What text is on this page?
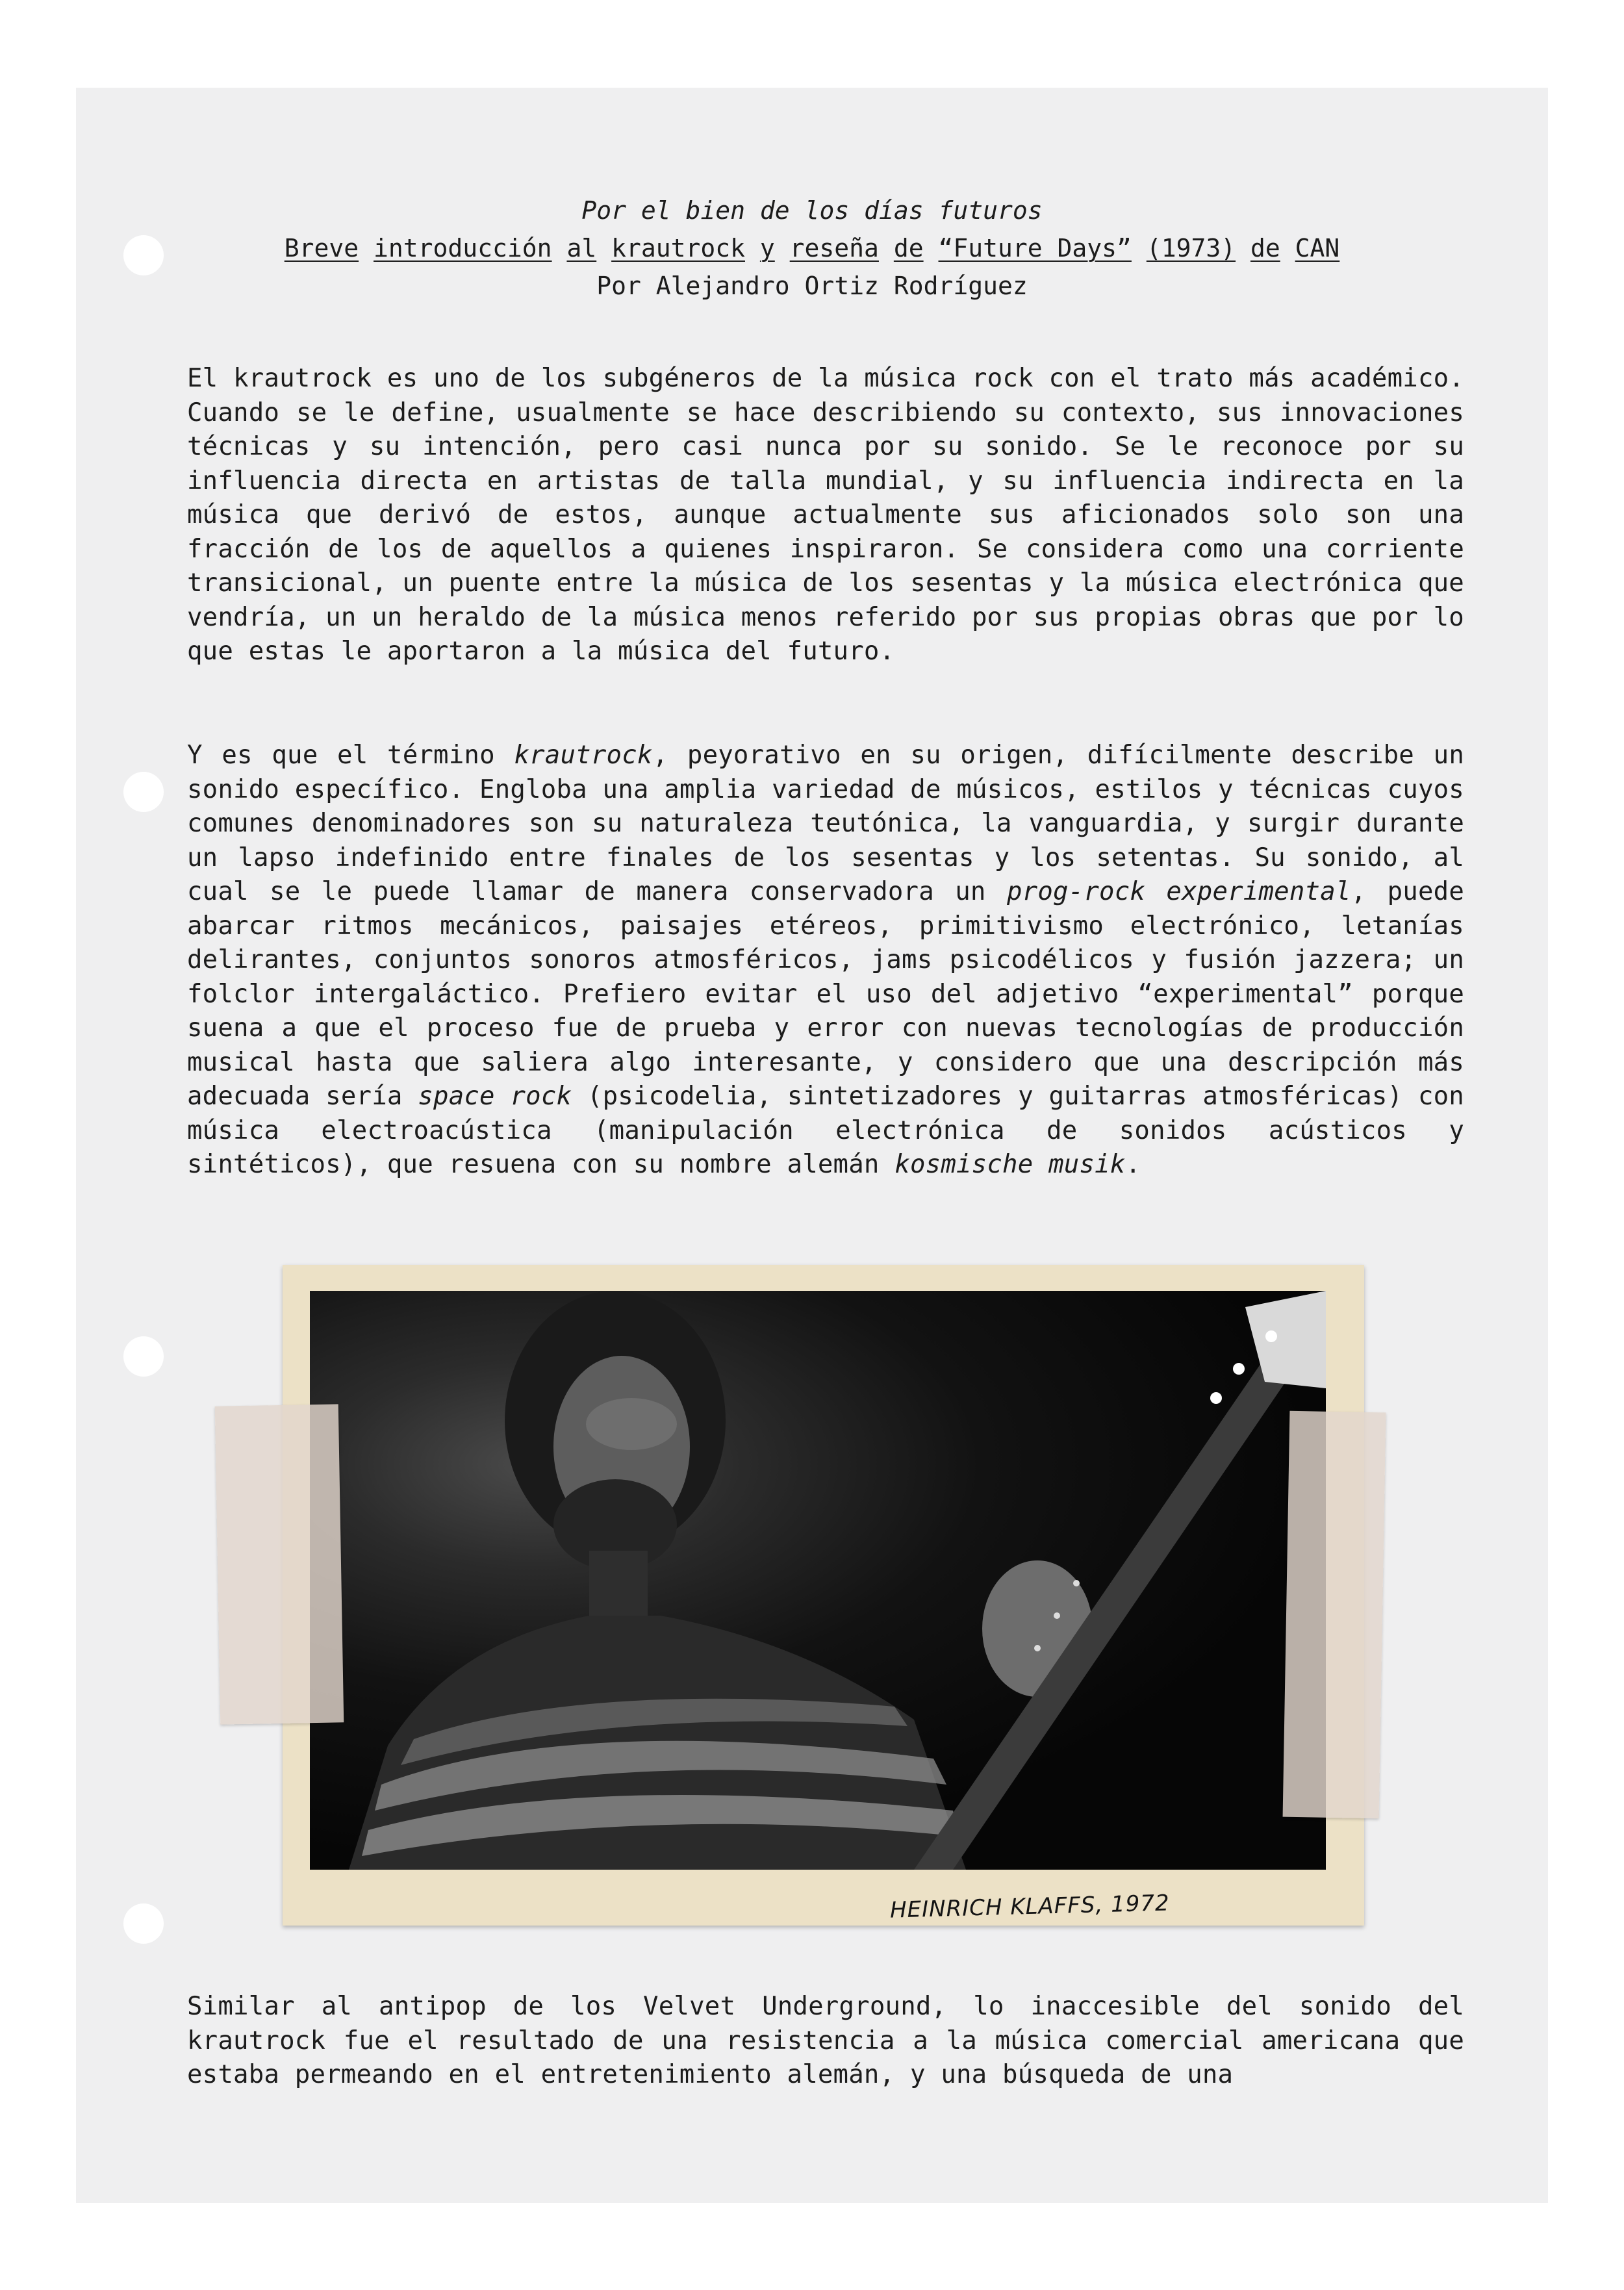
Por el bien de los días futuros
Breve introducción al krautrock y reseña de “Future Days” (1973) de CAN
Por Alejandro Ortiz Rodríguez

El krautrock es uno de los subgéneros de la música rock con el trato más académico. Cuando se le define, usualmente se hace describiendo su contexto, sus innovaciones técnicas y su intención, pero casi nunca por su sonido. Se le reconoce por su influencia directa en artistas de talla mundial, y su influencia indirecta en la música que derivó de estos, aunque actualmente sus aficionados solo son una fracción de los de aquellos a quienes inspiraron. Se considera como una corriente transicional, un puente entre la música de los sesentas y la música electrónica que vendría, un un heraldo de la música menos referido por sus propias obras que por lo que estas le aportaron a la música del futuro.

Y es que el término krautrock, peyorativo en su origen, difícilmente describe un sonido específico. Engloba una amplia variedad de músicos, estilos y técnicas cuyos comunes denominadores son su naturaleza teutónica, la vanguardia, y surgir durante un lapso indefinido entre finales de los sesentas y los setentas. Su sonido, al cual se le puede llamar de manera conservadora un prog-rock experimental, puede abarcar ritmos mecánicos, paisajes etéreos, primitivismo electrónico, letanías delirantes, conjuntos sonoros atmosféricos, jams psicodélicos y fusión jazzera; un folclor intergaláctico. Prefiero evitar el uso del adjetivo “experimental” porque suena a que el proceso fue de prueba y error con nuevas tecnologías de producción musical hasta que saliera algo interesante, y considero que una descripción más adecuada sería space rock (psicodelia, sintetizadores y guitarras atmosféricas) con música electroacústica (manipulación electrónica de sonidos acústicos y sintéticos), que resuena con su nombre alemán kosmische musik.

HEINRICH KLAFFS, 1972

Similar al antipop de los Velvet Underground, lo inaccesible del sonido del krautrock fue el resultado de una resistencia a la música comercial americana que estaba permeando en el entretenimiento alemán, y una búsqueda de una
